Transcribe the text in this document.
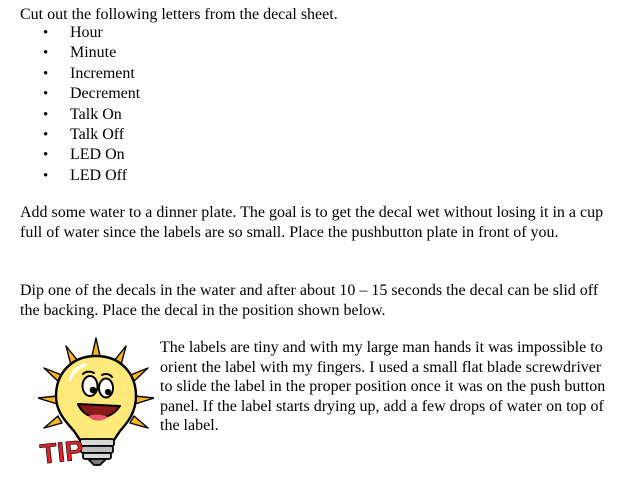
Cut out the following letters from the decal sheet.

• Hour
• Minute
• Increment
• Decrement
• Talk On
• Talk Off
• LED On
• LED Off

Add some water to a dinner plate. The goal is to get the decal wet without losing it in a cup full of water since the labels are so small. Place the pushbutton plate in front of you.

Dip one of the decals in the water and after about 10 – 15 seconds the decal can be slid off the backing. Place the decal in the position shown below.

TIP

The labels are tiny and with my large man hands it was impossible to orient the label with my fingers. I used a small flat blade screwdriver to slide the label in the proper position once it was on the push button panel. If the label starts drying up, add a few drops of water on top of the label.
